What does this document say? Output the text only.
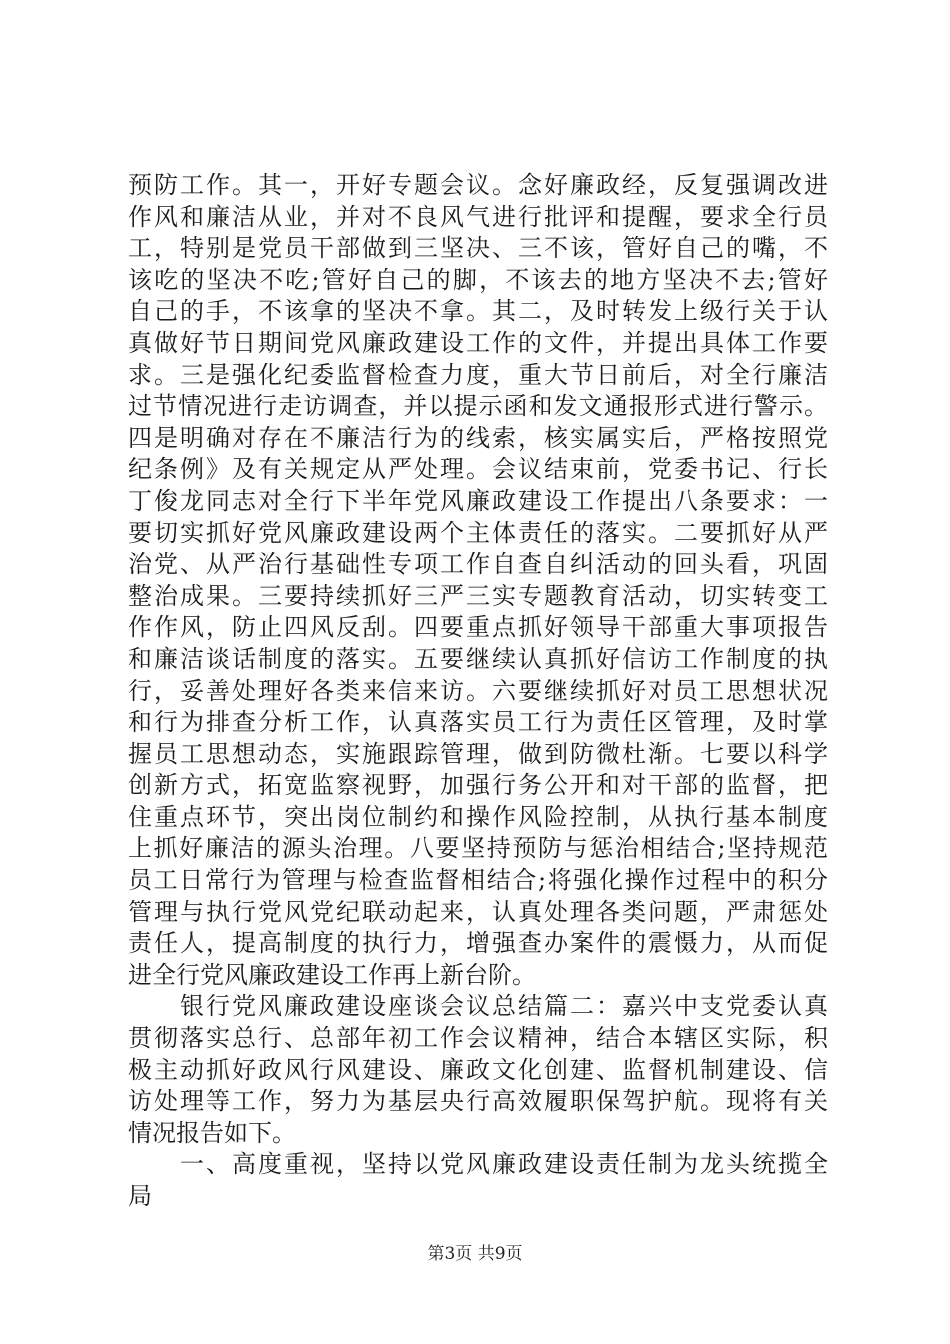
预防工作。其一，开好专题会议。念好廉政经，反复强调改进
作风和廉洁从业，并对不良风气进行批评和提醒，要求全行员
工，特别是党员干部做到三坚决、三不该，管好自己的嘴，不
该吃的坚决不吃;管好自己的脚，不该去的地方坚决不去;管好
自己的手，不该拿的坚决不拿。其二，及时转发上级行关于认
真做好节日期间党风廉政建设工作的文件，并提出具体工作要
求。三是强化纪委监督检查力度，重大节日前后，对全行廉洁
过节情况进行走访调查，并以提示函和发文通报形式进行警示。
四是明确对存在不廉洁行为的线索，核实属实后，严格按照党
纪条例》及有关规定从严处理。会议结束前，党委书记、行长
丁俊龙同志对全行下半年党风廉政建设工作提出八条要求：一
要切实抓好党风廉政建设两个主体责任的落实。二要抓好从严
治党、从严治行基础性专项工作自查自纠活动的回头看，巩固
整治成果。三要持续抓好三严三实专题教育活动，切实转变工
作作风，防止四风反刮。四要重点抓好领导干部重大事项报告
和廉洁谈话制度的落实。五要继续认真抓好信访工作制度的执
行，妥善处理好各类来信来访。六要继续抓好对员工思想状况
和行为排查分析工作，认真落实员工行为责任区管理，及时掌
握员工思想动态，实施跟踪管理，做到防微杜渐。七要以科学
创新方式，拓宽监察视野，加强行务公开和对干部的监督，把
住重点环节，突出岗位制约和操作风险控制，从执行基本制度
上抓好廉洁的源头治理。八要坚持预防与惩治相结合;坚持规范
员工日常行为管理与检查监督相结合;将强化操作过程中的积分
管理与执行党风党纪联动起来，认真处理各类问题，严肃惩处
责任人，提高制度的执行力，增强查办案件的震慑力，从而促
进全行党风廉政建设工作再上新台阶。
　　银行党风廉政建设座谈会议总结篇二：嘉兴中支党委认真
贯彻落实总行、总部年初工作会议精神，结合本辖区实际，积
极主动抓好政风行风建设、廉政文化创建、监督机制建设、信
访处理等工作，努力为基层央行高效履职保驾护航。现将有关
情况报告如下。
　　一、高度重视，坚持以党风廉政建设责任制为龙头统揽全
局
第3页 共9页
